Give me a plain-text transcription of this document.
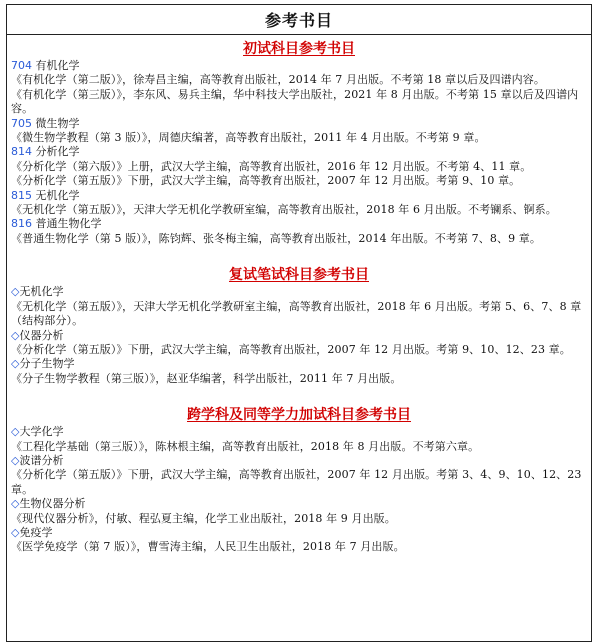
参考书目
初试科目参考书目
704 有机化学
《有机化学（第二版）》，徐寿昌主编，高等教育出版社，2014 年 7 月出版。不考第 18 章以后及四谱内容。
《有机化学（第三版）》，李东风、易兵主编，华中科技大学出版社，2021 年 8 月出版。不考第 15 章以后及四谱内容。
705 微生物学
《微生物学教程（第 3 版）》，周德庆编著，高等教育出版社，2011 年 4 月出版。不考第 9 章。
814 分析化学
《分析化学（第六版）》上册，武汉大学主编，高等教育出版社，2016 年 12 月出版。不考第 4、11 章。
《分析化学（第五版）》下册，武汉大学主编，高等教育出版社，2007 年 12 月出版。考第 9、10 章。
815 无机化学
《无机化学（第五版）》，天津大学无机化学教研室编，高等教育出版社，2018 年 6 月出版。不考镧系、锕系。
816 普通生物化学
《普通生物化学（第 5 版）》，陈钧辉、张冬梅主编，高等教育出版社，2014 年出版。不考第 7、8、9 章。
复试笔试科目参考书目
◇无机化学
《无机化学（第五版）》，天津大学无机化学教研室主编，高等教育出版社，2018 年 6 月出版。考第 5、6、7、8 章（结构部分）。
◇仪器分析
《分析化学（第五版）》下册，武汉大学主编，高等教育出版社，2007 年 12 月出版。考第 9、10、12、23 章。
◇分子生物学
《分子生物学教程（第三版）》，赵亚华编著，科学出版社，2011 年 7 月出版。
跨学科及同等学力加试科目参考书目
◇大学化学
《工程化学基础（第三版）》，陈林根主编，高等教育出版社，2018 年 8 月出版。不考第六章。
◇波谱分析
《分析化学（第五版）》下册，武汉大学主编，高等教育出版社，2007 年 12 月出版。考第 3、4、9、10、12、23 章。
◇生物仪器分析
《现代仪器分析》，付敏、程弘夏主编，化学工业出版社，2018 年 9 月出版。
◇免疫学
《医学免疫学（第 7 版）》，曹雪涛主编，人民卫生出版社，2018 年 7 月出版。
